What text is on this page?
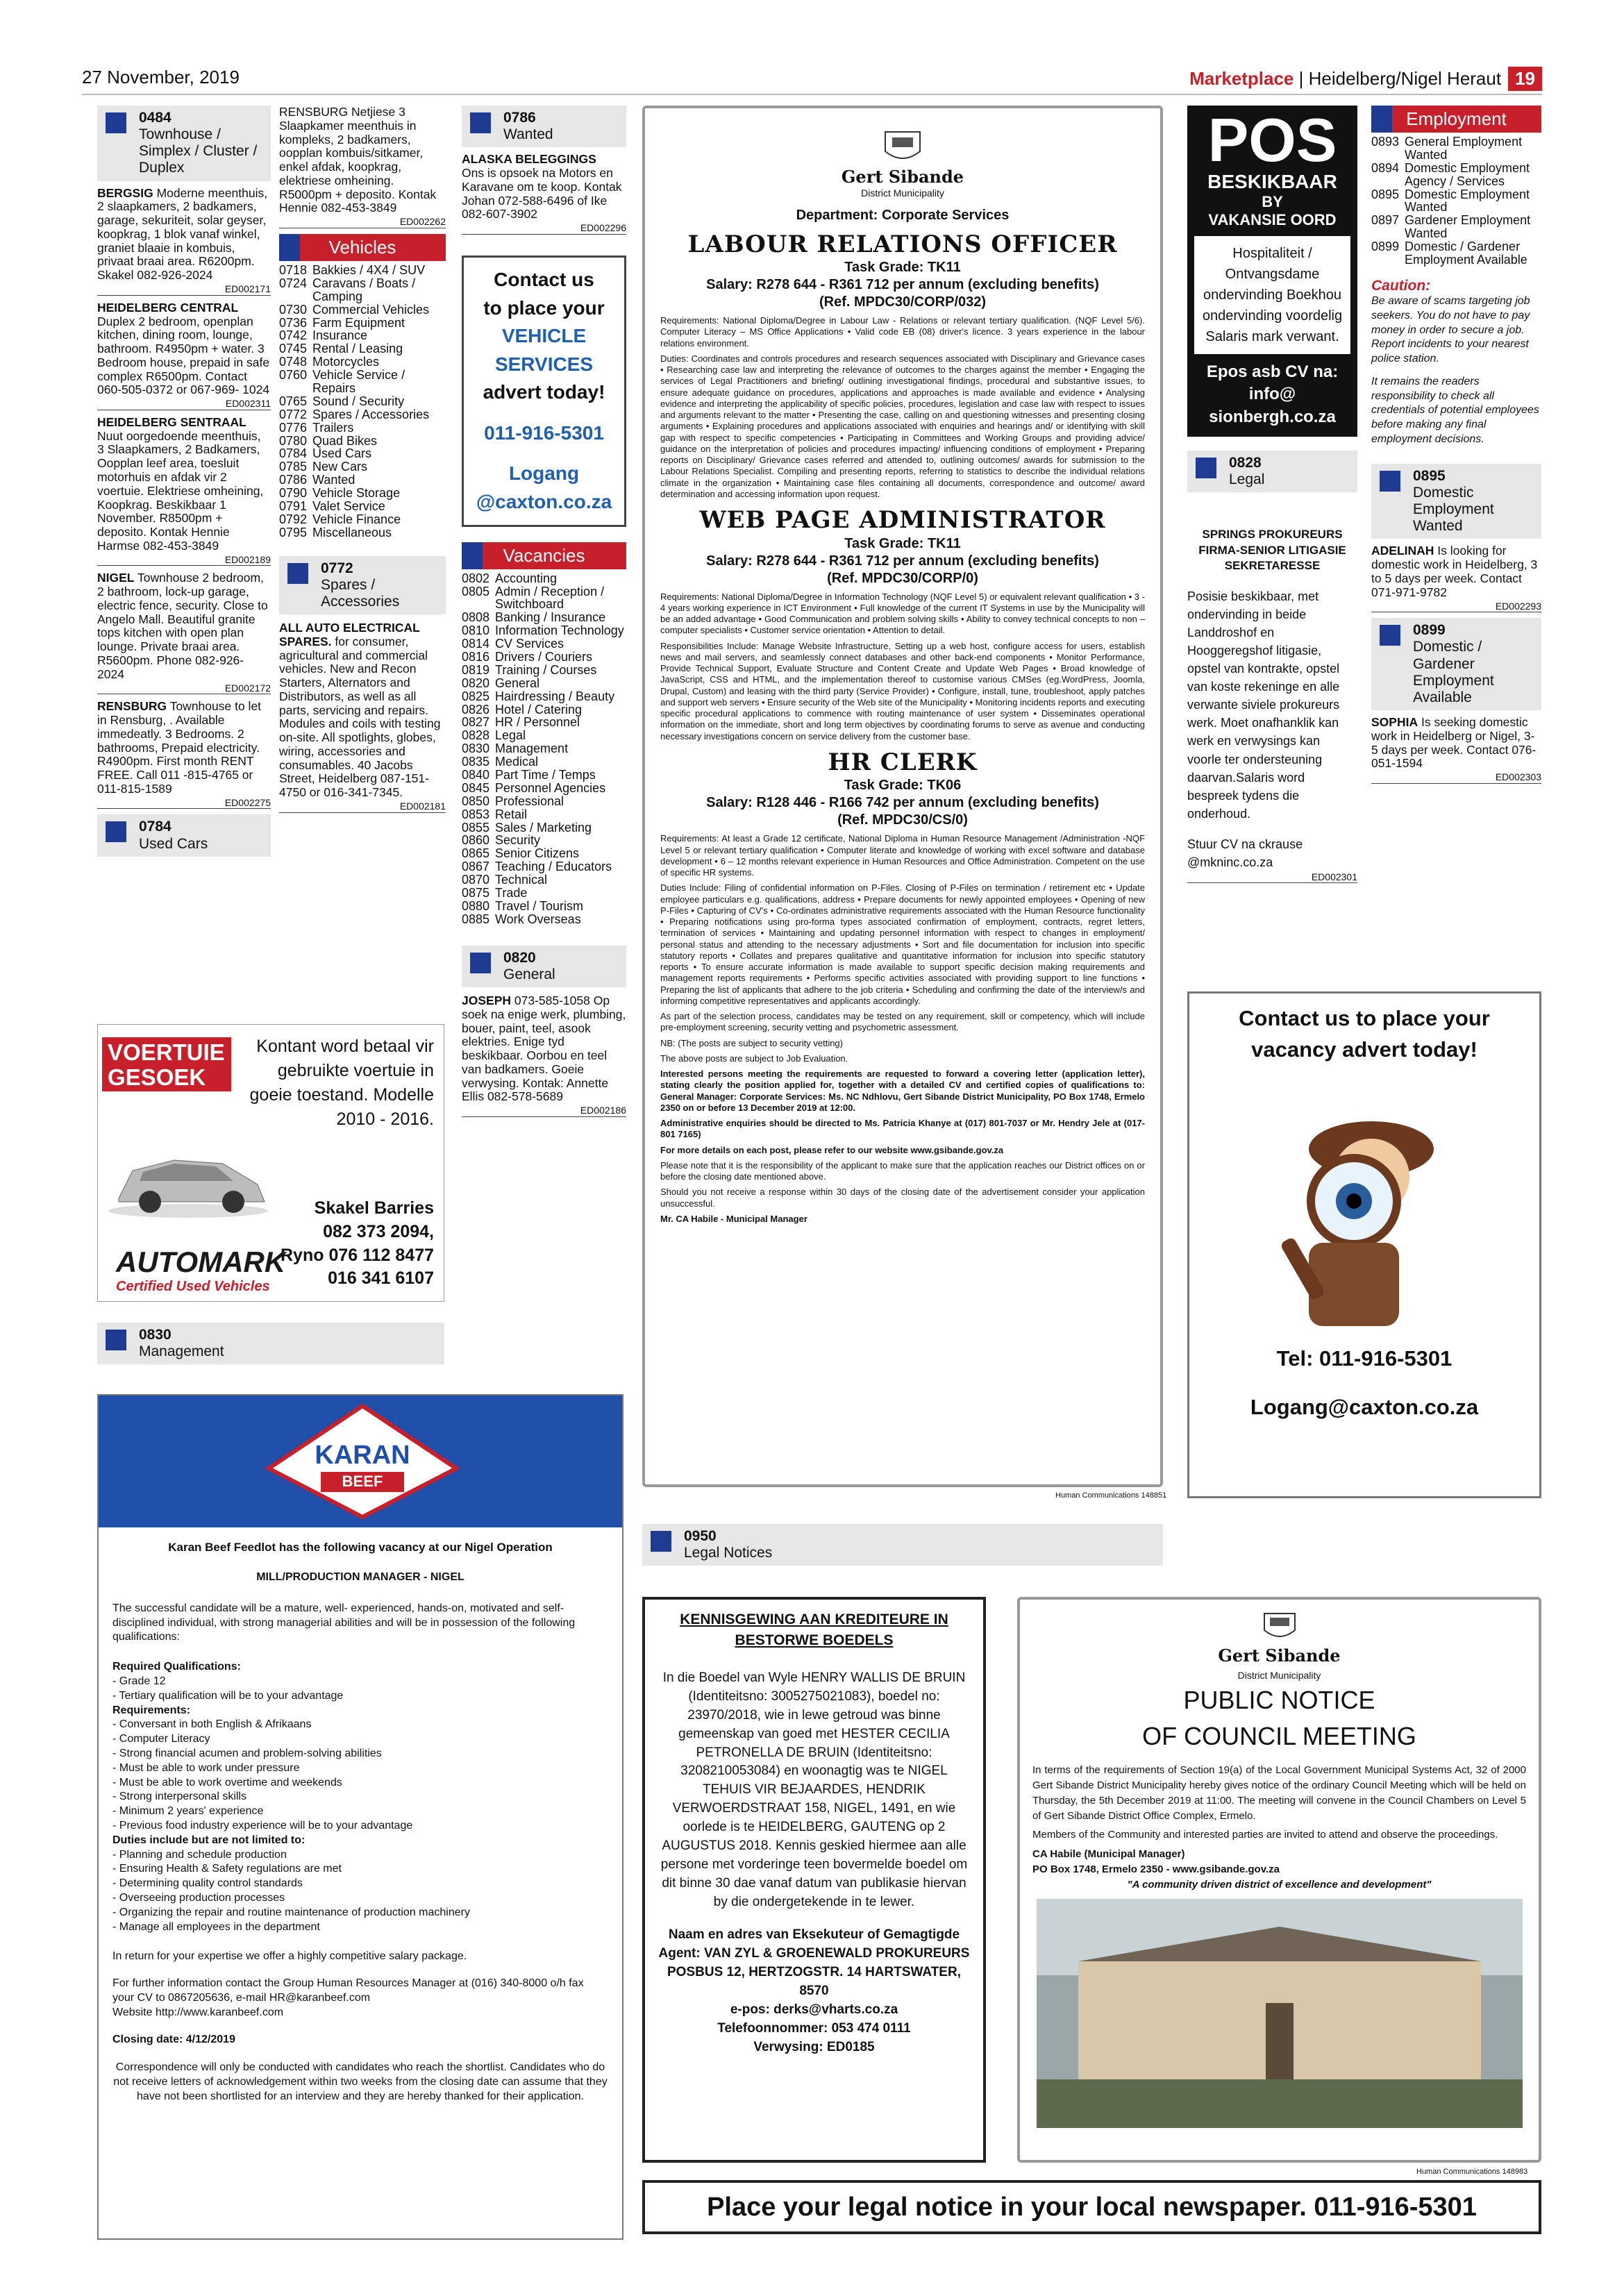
27 November, 2019	Marketplace | Heidelberg/Nigel Heraut 19
0484
Townhouse / Simplex / Cluster / Duplex

BERGSIG Moderne meenthuis, 2 slaapkamers, 2 badkamers, garage, sekuriteit, solar geyser, koopkrag, 1 blok vanaf winkel, graniet blaaie in kombuis, privaat braai area. R6200pm. Skakel 082-926-2024

ED002171

HEIDELBERG CENTRAL Duplex 2 bedroom, openplan kitchen, dining room, lounge, bathroom. R4950pm + water. 3 Bedroom house, prepaid in safe complex R6500pm. Contact 060-505-0372 or 067-969- 1024

ED002311

HEIDELBERG SENTRAAL Nuut oorgedoende meenthuis, 3 Slaapkamers, 2 Badkamers, Oopplan leef area, toesluit motorhuis en afdak vir 2 voertuie. Elektriese omheining, Koopkrag. Beskikbaar 1 November. R8500pm + deposito. Kontak Hennie Harmse 082-453-3849

ED002189

NIGEL Townhouse 2 bedroom, 2 bathroom, lock-up garage, electric fence, security. Close to Angelo Mall. Beautiful granite tops kitchen with open plan lounge. Private braai area. R5600pm. Phone 082-926- 2024

ED002172

RENSBURG Townhouse to let in Rensburg, . Available immedeatly. 3 Bedrooms. 2 bathrooms, Prepaid electricity. R4900pm. First month RENT FREE. Call 011 -815-4765 or 011-815-1589

ED002275
0784
Used Cars
VOERTUIE
GESOEK
Kontant word betaal vir gebruikte voertuie in goeie toestand. Modelle 2010 - 2016.
Skakel Barries
082 373 2094,
Ryno 076 112 8477
016 341 6107
AUTOMARK
Certified Used Vehicles
0830
Management

RENSBURG Netjiese 3 Slaapkamer meenthuis in kompleks, 2 badkamers, oopplan kombuis/sitkamer, enkel afdak, koopkrag, elektriese omheining. R5000pm + deposito. Kontak Hennie 082-453-3849

ED002262
Vehicles
0718 Bakkies / 4X4 / SUV
0724 Caravans / Boats / Camping
0730 Commercial Vehicles
0736 Farm Equipment
0742 Insurance
0745 Rental / Leasing
0748 Motorcycles
0760 Vehicle Service / Repairs
0765 Sound / Security
0772 Spares / Accessories
0776 Trailers
0780 Quad Bikes
0784 Used Cars
0785 New Cars
0786 Wanted
0790 Vehicle Storage
0791 Valet Service
0792 Vehicle Finance
0795 Miscellaneous
0772
Spares / Accessories

ALL AUTO ELECTRICAL SPARES. for consumer, agricultural and commercial vehicles. New and Recon Starters, Alternators and Distributors, as well as all parts, servicing and repairs. Modules and coils with testing on-site. All spotlights, globes, wiring, accessories and consumables. 40 Jacobs Street, Heidelberg 087-151-4750 or 016-341-7345.

ED002181
0786
Wanted

ALASKA BELEGGINGS
Ons is opsoek na Motors en Karavane om te koop. Kontak Johan 072-588-6496 of Ike 082-607-3902

ED002296
Contact us
to place your
VEHICLE
SERVICES
advert today!
011-916-5301
Logang
@caxton.co.za
Vacancies
0802 Accounting
0805 Admin / Reception / Switchboard
0808 Banking / Insurance
0810 Information Technology
0814 CV Services
0816 Drivers / Couriers
0819 Training / Courses
0820 General
0825 Hairdressing / Beauty
0826 Hotel / Catering
0827 HR / Personnel
0828 Legal
0830 Management
0835 Medical
0840 Part Time / Temps
0845 Personnel Agencies
0850 Professional
0853 Retail
0855 Sales / Marketing
0860 Security
0865 Senior Citizens
0867 Teaching / Educators
0870 Technical
0875 Trade
0880 Travel / Tourism
0885 Work Overseas
0820
General

JOSEPH 073-585-1058 Op soek na enige werk, plumbing, bouer, paint, teel, asook elektries. Enige tyd beskikbaar. Oorbou en teel van badkamers. Goeie verwysing. Kontak: Annette Ellis 082-578-5689

ED002186
Gert Sibande
District Municipality
Department: Corporate Services
LABOUR RELATIONS OFFICER
Task Grade: TK11
Salary: R278 644 - R361 712 per annum (excluding benefits)
(Ref. MPDC30/CORP/032)

Requirements: National Diploma/Degree in Labour Law - Relations or relevant tertiary qualification. (NQF Level 5/6). Computer Literacy – MS Office Applications • Valid code EB (08) driver's licence. 3 years experience in the labour relations environment.

Duties: Coordinates and controls procedures and research sequences associated with Disciplinary and Grievance cases • Researching case law and interpreting the relevance of outcomes to the charges against the member • Engaging the services of Legal Practitioners and briefing/ outlining investigational findings, procedural and substantive issues, to ensure adequate guidance on procedures, applications and approaches is made available and evidence • Analysing evidence and interpreting the applicability of specific policies, procedures, legislation and case law with respect to issues and arguments relevant to the matter • Presenting the case, calling on and questioning witnesses and presenting closing arguments • Explaining procedures and applications associated with enquiries and hearings and/ or identifying with skill gap with respect to specific competencies • Participating in Committees and Working Groups and providing advice/ guidance on the interpretation of policies and procedures impacting/ influencing conditions of employment • Preparing reports on Disciplinary/ Grievance cases referred and attended to, outlining outcomes/ awards for submission to the Labour Relations Specialist. Compiling and presenting reports, referring to statistics to describe the individual relations climate in the organization • Maintaining case files containing all documents, correspondence and outcome/ award determination and accessing information upon request.

WEB PAGE ADMINISTRATOR
Task Grade: TK11
Salary: R278 644 - R361 712 per annum (excluding benefits)
(Ref. MPDC30/CORP/0)

Requirements: National Diploma/Degree in Information Technology (NQF Level 5) or equivalent relevant qualification • 3 - 4 years working experience in ICT Environment • Full knowledge of the current IT Systems in use by the Municipality will be an added advantage • Good Communication and problem solving skills • Ability to convey technical concepts to non – computer specialists • Customer service orientation • Attention to detail.

Responsibilities Include: Manage Website Infrastructure, Setting up a web host, configure access for users, establish news and mail servers, and seamlessly connect databases and other back-end components • Monitor Performance, Provide Technical Support, Evaluate Structure and Content Create and Update Web Pages • Broad knowledge of JavaScript, CSS and HTML, and the implementation thereof to customise various CMSes (eg.WordPress, Joomla, Drupal, Custom) and leasing with the third party (Service Provider) • Configure, install, tune, troubleshoot, apply patches and support web servers • Ensure security of the Web site of the Municipality • Monitoring incidents reports and executing specific procedural applications to commence with routing maintenance of user system • Disseminates operational information on the immediate, short and long term objectives by coordinating forums to serve as avenue and conducting necessary investigations concern on service delivery from the customer base.

HR CLERK
Task Grade: TK06
Salary: R128 446 - R166 742 per annum (excluding benefits)
(Ref. MPDC30/CS/0)

Requirements: At least a Grade 12 certificate, National Diploma in Human Resource Management /Administration -NQF Level 5 or relevant tertiary qualification • Computer literate and knowledge of working with excel software and database development • 6 – 12 months relevant experience in Human Resources and Office Administration. Competent on the use of specific HR systems.

Duties Include: Filing of confidential information on P-Files. Closing of P-Files on termination / retirement etc • Update employee particulars e.g. qualifications, address • Prepare documents for newly appointed employees • Opening of new P-Files • Capturing of CV's • Co-ordinates administrative requirements associated with the Human Resource functionality • Preparing notifications using pro-forma types associated confirmation of employment, contracts, regret letters, termination of services • Maintaining and updating personnel information with respect to changes in employment/ personal status and attending to the necessary adjustments • Sort and file documentation for inclusion into specific statutory reports • Collates and prepares qualitative and quantitative information for inclusion into specific statutory reports • To ensure accurate information is made available to support specific decision making requirements and management reports requirements • Performs specific activities associated with providing support to line functions • Preparing the list of applicants that adhere to the job criteria • Scheduling and confirming the date of the interview/s and informing competitive representatives and applicants accordingly.

As part of the selection process, candidates may be tested on any requirement, skill or competency, which will include pre-employment screening, security vetting and psychometric assessment.

NB: (The posts are subject to security vetting)

The above posts are subject to Job Evaluation.

Interested persons meeting the requirements are requested to forward a covering letter (application letter), stating clearly the position applied for, together with a detailed CV and certified copies of qualifications to: General Manager: Corporate Services: Ms. NC Ndhlovu, Gert Sibande District Municipality, PO Box 1748, Ermelo 2350 on or before 13 December 2019 at 12:00.

Administrative enquiries should be directed to Ms. Patricia Khanye at (017) 801-7037 or Mr. Hendry Jele at (017-801 7165)

For more details on each post, please refer to our website www.gsibande.gov.za

Please note that it is the responsibility of the applicant to make sure that the application reaches our District offices on or before the closing date mentioned above.

Should you not receive a response within 30 days of the closing date of the advertisement consider your application unsuccessful.

Mr. CA Habile - Municipal Manager

Human Communications 148851
POS
BESKIKBAAR
BY
VAKANSIE OORD
Hospitaliteit / Ontvangsdame ondervinding Boekhou ondervinding voordelig Salaris mark verwant.
Epos asb CV na:
info@
sionbergh.co.za
0828
Legal
SPRINGS PROKUREURS FIRMA-SENIOR LITIGASIE SEKRETARESSE
Posisie beskikbaar, met ondervinding in beide Landdroshof en Hooggeregshof litigasie, opstel van kontrakte, opstel van koste rekeninge en alle verwante siviele prokureurs werk. Moet onafhanklik kan werk en verwysings kan voorle ter ondersteuning daarvan.Salaris word bespreek tydens die onderhoud.
Stuur CV na ckrause @mkninc.co.za
ED002301
Employment
0893 General Employment Wanted
0894 Domestic Employment Agency / Services
0895 Domestic Employment Wanted
0897 Gardener Employment Wanted
0899 Domestic / Gardener Employment Available
Caution:
Be aware of scams targeting job seekers. You do not have to pay money in order to secure a job. Report incidents to your nearest police station.
It remains the readers responsibility to check all credentials of potential employees before making any final employment decisions.
0895
Domestic Employment Wanted

ADELINAH Is looking for domestic work in Heidelberg, 3 to 5 days per week. Contact 071-971-9782

ED002293
0899
Domestic / Gardener Employment Available

SOPHIA Is seeking domestic work in Heidelberg or Nigel, 3-5 days per week. Contact 076- 051-1594

ED002303
Contact us to place your
vacancy advert today!
Tel: 011-916-5301
Logang@caxton.co.za
KARAN
BEEF
Karan Beef Feedlot has the following vacancy at our Nigel Operation
MILL/PRODUCTION MANAGER - NIGEL
The successful candidate will be a mature, well- experienced, hands-on, motivated and self-disciplined individual, with strong managerial abilities and will be in possession of the following qualifications:
Required Qualifications:
- Grade 12
- Tertiary qualification will be to your advantage
Requirements:
- Conversant in both English & Afrikaans
- Computer Literacy
- Strong financial acumen and problem-solving abilities
- Must be able to work under pressure
- Must be able to work overtime and weekends
- Strong interpersonal skills
- Minimum 2 years' experience
- Previous food industry experience will be to your advantage
Duties include but are not limited to:
- Planning and schedule production
- Ensuring Health & Safety regulations are met
- Determining quality control standards
- Overseeing production processes
- Organizing the repair and routine maintenance of production machinery
- Manage all employees in the department
In return for your expertise we offer a highly competitive salary package.
For further information contact the Group Human Resources Manager at (016) 340-8000 o/h fax your CV to 0867205636, e-mail HR@karanbeef.com
Website http://www.karanbeef.com
Closing date: 4/12/2019
Correspondence will only be conducted with candidates who reach the shortlist. Candidates who do not receive letters of acknowledgement within two weeks from the closing date can assume that they have not been shortlisted for an interview and they are hereby thanked for their application.
0950
Legal Notices
KENNISGEWING AAN KREDITEURE IN BESTORWE BOEDELS
In die Boedel van Wyle HENRY WALLIS DE BRUIN (Identiteitsno: 3005275021083), boedel no: 23970/2018, wie in lewe getroud was binne gemeenskap van goed met HESTER CECILIA PETRONELLA DE BRUIN (Identiteitsno: 3208210053084) en woonagtig was te NIGEL TEHUIS VIR BEJAARDES, HENDRIK VERWOERDSTRAAT 158, NIGEL, 1491, en wie oorlede is te HEIDELBERG, GAUTENG op 2 AUGUSTUS 2018. Kennis geskied hiermee aan alle persone met vorderinge teen bovermelde boedel om dit binne 30 dae vanaf datum van publikasie hiervan by die ondergetekende in te lewer.
Naam en adres van Eksekuteur of Gemagtigde Agent: VAN ZYL & GROENEWALD PROKUREURS POSBUS 12, HERTZOGSTR. 14 HARTSWATER, 8570
e-pos: derks@vharts.co.za
Telefoonnommer: 053 474 0111
Verwysing: ED0185
Gert Sibande
District Municipality
PUBLIC NOTICE
OF COUNCIL MEETING
In terms of the requirements of Section 19(a) of the Local Government Municipal Systems Act, 32 of 2000 Gert Sibande District Municipality hereby gives notice of the ordinary Council Meeting which will be held on Thursday, the 5th December 2019 at 11:00. The meeting will convene in the Council Chambers on Level 5 of Gert Sibande District Office Complex, Ermelo.
Members of the Community and interested parties are invited to attend and observe the proceedings.
CA Habile (Municipal Manager)
PO Box 1748, Ermelo 2350 - www.gsibande.gov.za
"A community driven district of excellence and development"
Human Communications 148983
Place your legal notice in your local newspaper. 011-916-5301
